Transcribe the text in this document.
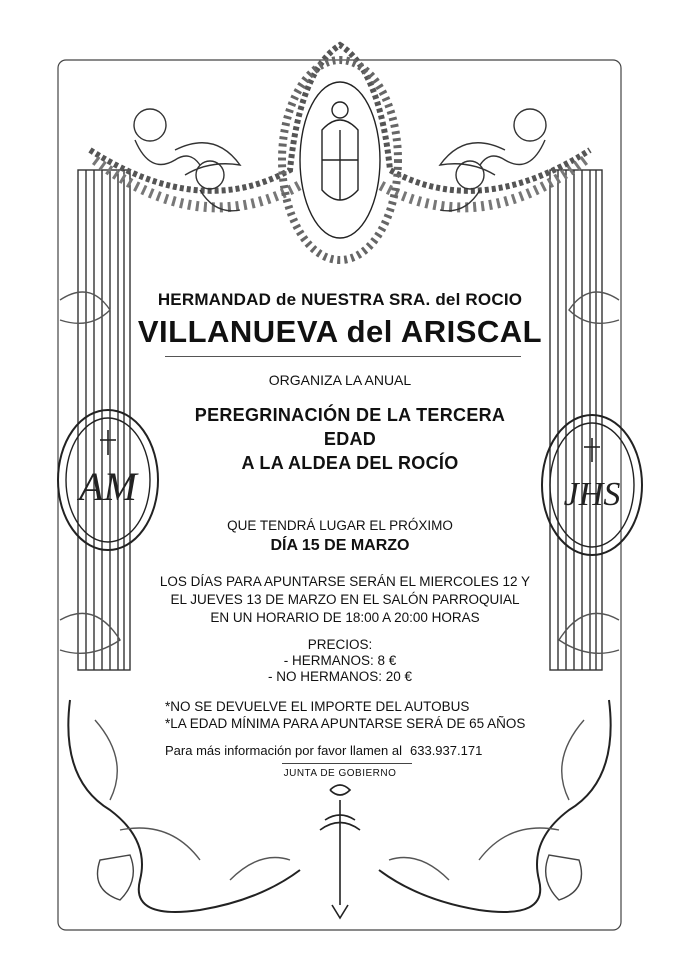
AM	JHS
HERMANDAD de NUESTRA SRA. del ROCIO
VILLANUEVA del ARISCAL
ORGANIZA LA ANUAL
PEREGRINACIÓN DE LA TERCERA
EDAD
A LA ALDEA DEL ROCÍO
QUE TENDRÁ LUGAR EL PRÓXIMO
DÍA 15 DE MARZO
LOS DÍAS PARA APUNTARSE SERÁN EL MIERCOLES 12 Y
EL JUEVES 13 DE MARZO EN EL SALÓN PARROQUIAL
EN UN HORARIO DE 18:00 A 20:00 HORAS
PRECIOS:
- HERMANOS: 8 €
- NO HERMANOS: 20 €
*NO SE DEVUELVE EL IMPORTE DEL AUTOBUS
*LA EDAD MÍNIMA PARA APUNTARSE SERÁ DE 65 AÑOS
Para más información por favor llamen al 633.937.171
JUNTA DE GOBIERNO
